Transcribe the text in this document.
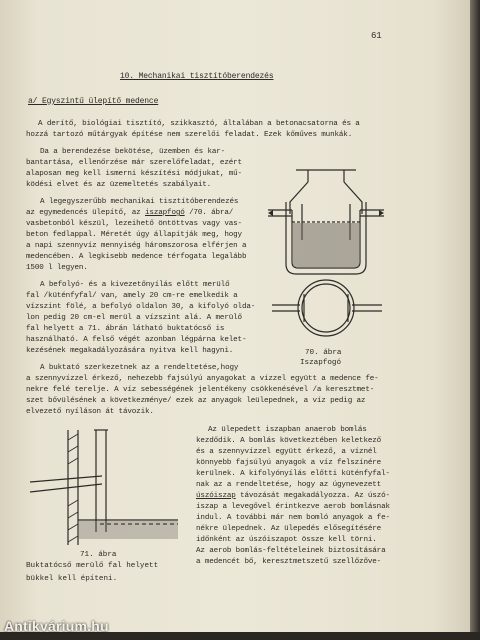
61
10. Mechanikai tisztítóberendezés
a/ Egyszintű ülepítő medence
A derítő, biológiai tisztító, szikkasztó, általában a betonacsatorna és a
hozzá tartozó műtárgyak építése nem szerelői feladat. Ezek kőműves munkák.
Da a berendezése bekötése, üzemben és kar-
bantartása, ellenőrzése már szerelőfeladat, ezért
alaposan meg kell ismerni készítési módjukat, mű-
ködési elvet és az üzemeltetés szabályait.
A legegyszerűbb mechanikai tisztítóberendezés
az egymedencés ülepítő, az iszapfogó /70. ábra/
vasbetonból készül, lezeihető öntöttvas vagy vas-
beton fedlappal. Méretét úgy állapítják meg, hogy
a napi szennyvíz mennyiség háromszorosa elférjen a
medencében. A legkisebb medence térfogata legalább
1500 l legyen.
A befolyó- és a kivezetőnyílás előtt merülő
fal /küténfyfal/ van, amely 20 cm-re emelkedik a
vízszint fölé, a befolyó oldalon 30, a kifolyó olda-
lon pedig 20 cm-el merül a vízszint alá. A merülő
fal helyett a 71. ábrán látható buktatócső is
használható. A felső végét azonban légpárna kelet-
kezésének megakadályozására nyitva kell hagyni.
A buktató szerkezetnek az a rendeltetése,hogy
a szennyvízzel érkező, nehezebb fajsúlyú anyagokat a vízzel együtt a medence fe-
nekre felé terelje. A víz sebességének jelentékeny csökkenésével /a keresztmet-
szet bővülésének a következménye/ ezek az anyagok leülepednek, a víz pedig az
elvezető nyíláson át távozik.
Az ülepedett iszapban anaerob bomlás
kezdődik. A bomlás következtében keletkező
és a szennyvízzel együtt érkező, a víznél
könnyebb fajsúlyú anyagok a víz felszínére
kerülnek. A kifolyónyílás előtti küténfyfal-
nak az a rendeltetése, hogy az úgynevezett
úszóiszap távozását megakadályozza. Az úszó-
iszap a levegővel érintkezve aerob bomlásnak
indul. A további már nem bomló anyagok a fe-
nékre ülepednek. Az ülepedés elősegítésére
időnként az úszóiszapot össze kell törni.
Az aerob bomlás-feltételeinek biztosítására
a medencét bő, keresztmetszetű szellőzőve-
70. ábra
Iszapfogó
71. ábra
Buktatócső merülő fal helyett
bükkel kell építeni.
Antikvárium.hu
